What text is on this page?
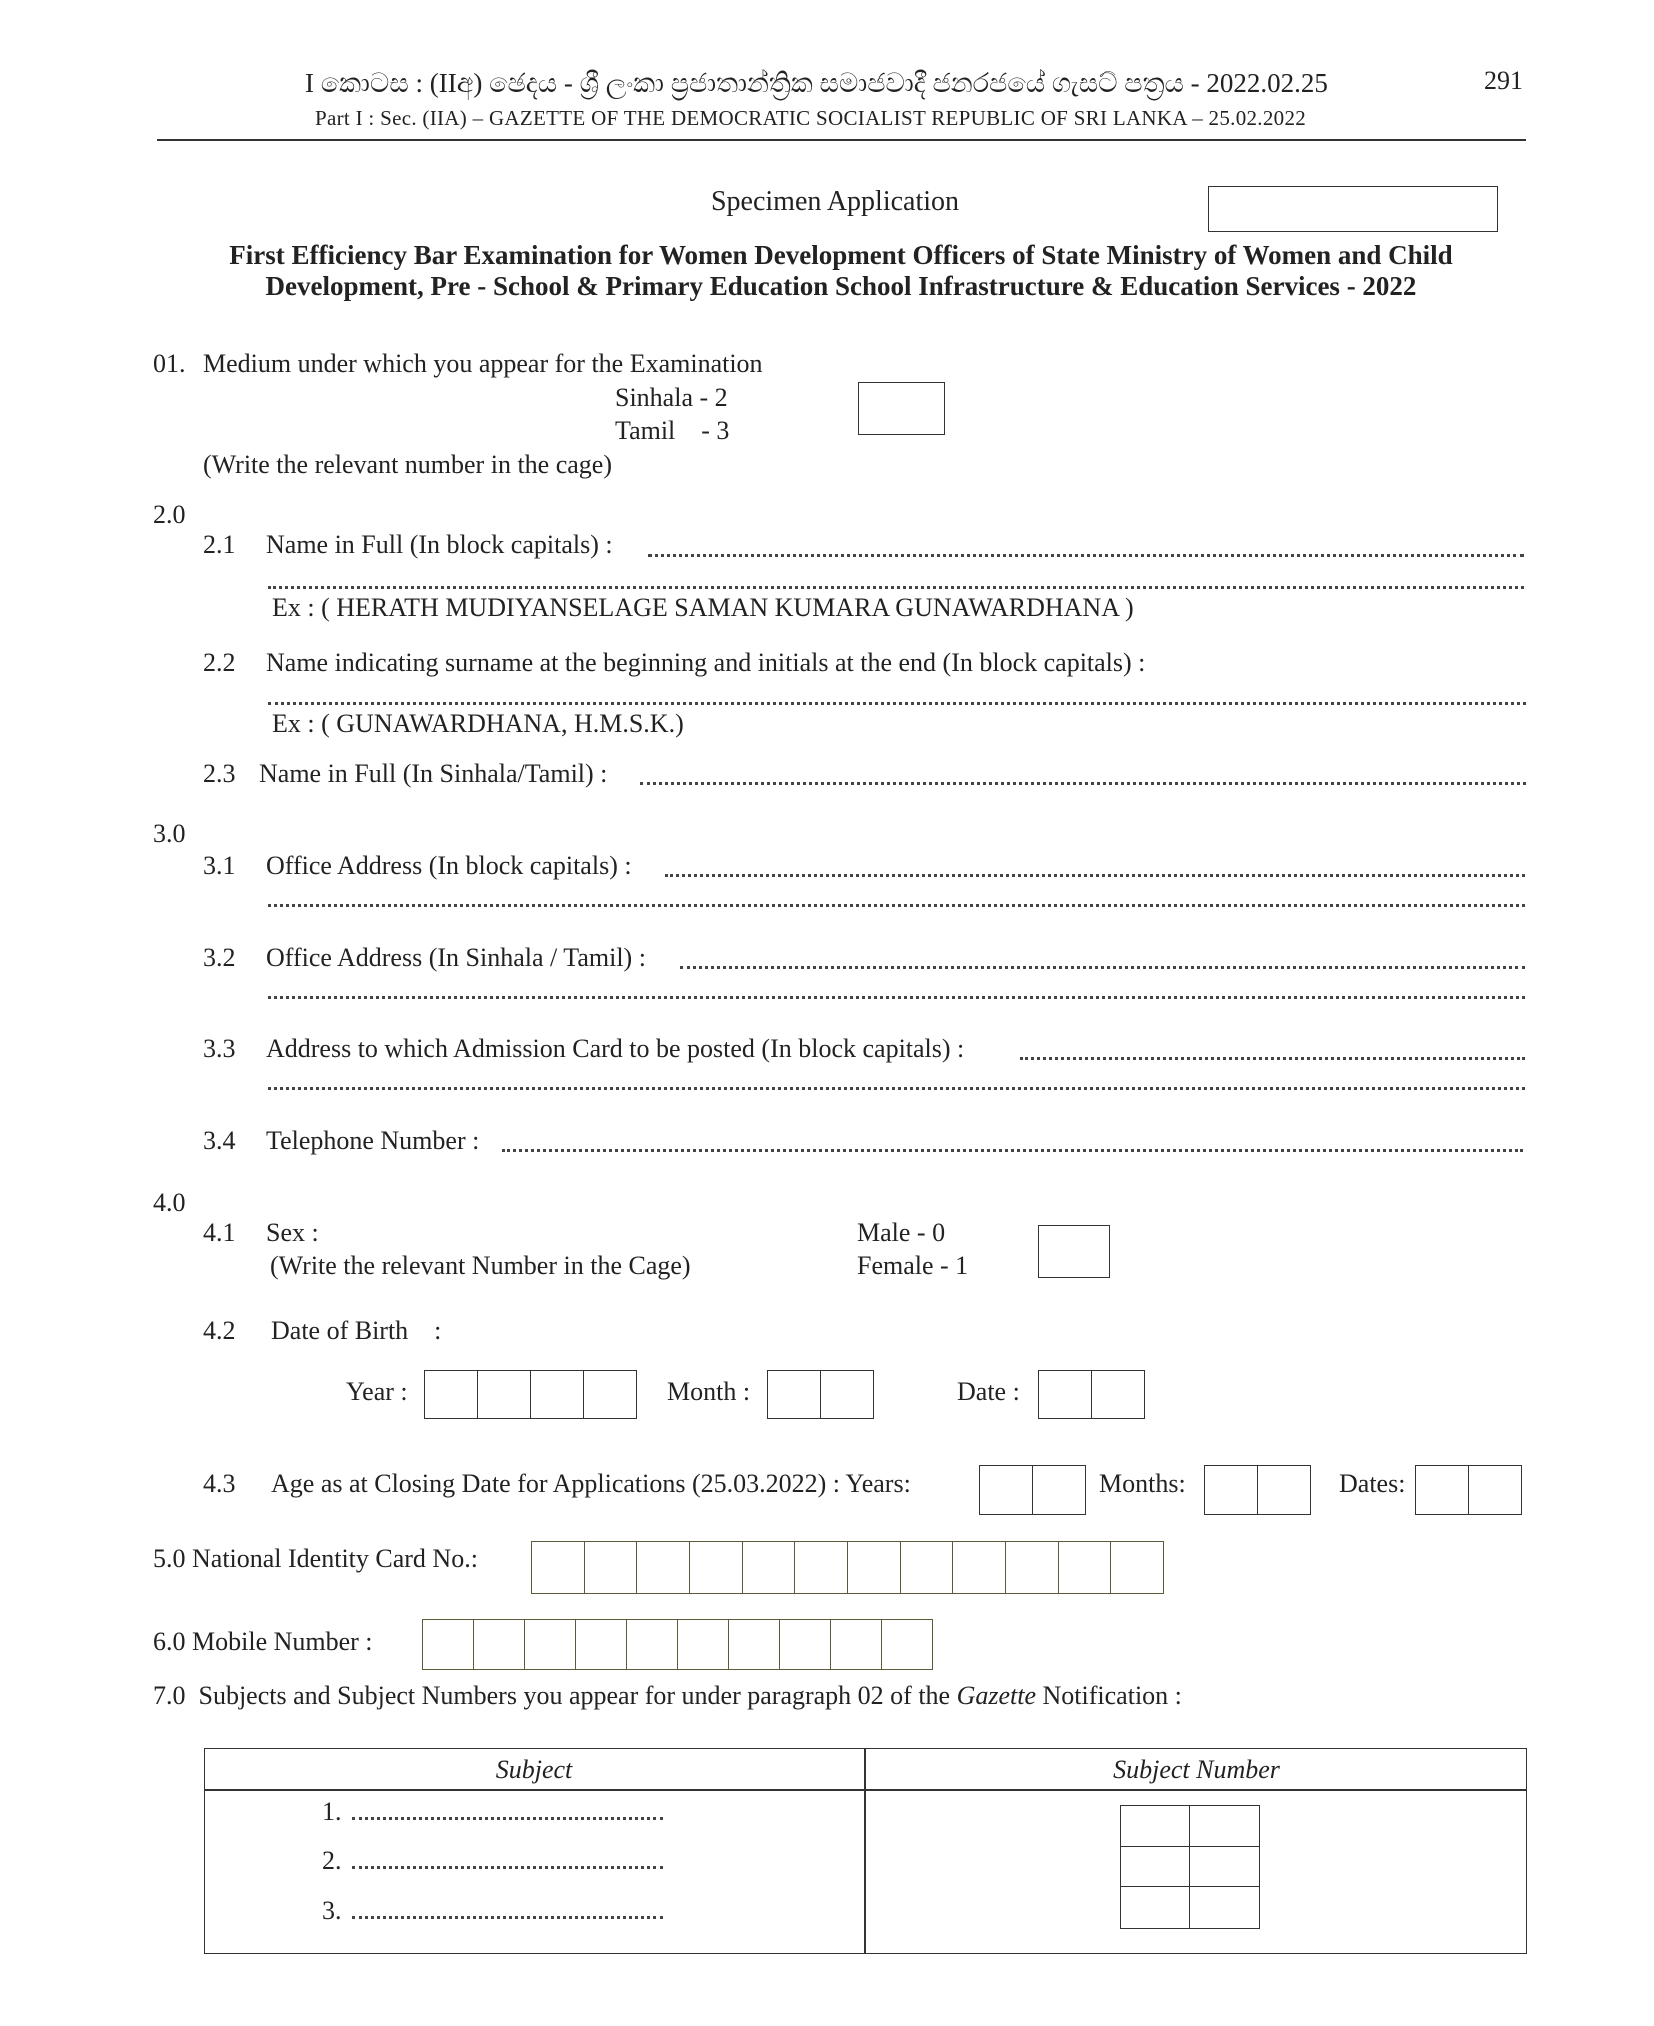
I කොටස : (IIඅ) ඡෙදය - ශ්‍රී ලංකා ප්‍රජාතාන්ත්‍රික සමාජවාදී ජනරජයේ ගැසට් පත්‍රය - 2022.02.25	291
Part I : Sec. (IIA) – GAZETTE OF THE DEMOCRATIC SOCIALIST REPUBLIC OF SRI LANKA – 25.02.2022
Specimen Application
First Efficiency Bar Examination for Women Development Officers of State Ministry of Women and Child
Development, Pre - School & Primary Education School Infrastructure & Education Services - 2022
01. Medium under which you appear for the Examination
Sinhala - 2
Tamil    - 3
(Write the relevant number in the cage)
2.0
2.1 Name in Full (In block capitals) :
Ex : ( HERATH MUDIYANSELAGE SAMAN KUMARA GUNAWARDHANA )
2.2 Name indicating surname at the beginning and initials at the end (In block capitals) :
Ex : ( GUNAWARDHANA, H.M.S.K.)
2.3 Name in Full (In Sinhala/Tamil) :
3.0
3.1 Office Address (In block capitals) :
3.2 Office Address (In Sinhala / Tamil) :
3.3 Address to which Admission Card to be posted (In block capitals) :
3.4 Telephone Number :
4.0
4.1 Sex :
(Write the relevant Number in the Cage)
Male - 0
Female - 1
4.2 Date of Birth    :
Year :	Month :	Date :
4.3 Age as at Closing Date for Applications (25.03.2022) : Years:	Months:	Dates:
5.0 National Identity Card No.:
6.0 Mobile Number :
7.0  Subjects and Subject Numbers you appear for under paragraph 02 of the Gazette Notification :
Subject	Subject Number
1.
2.
3.
